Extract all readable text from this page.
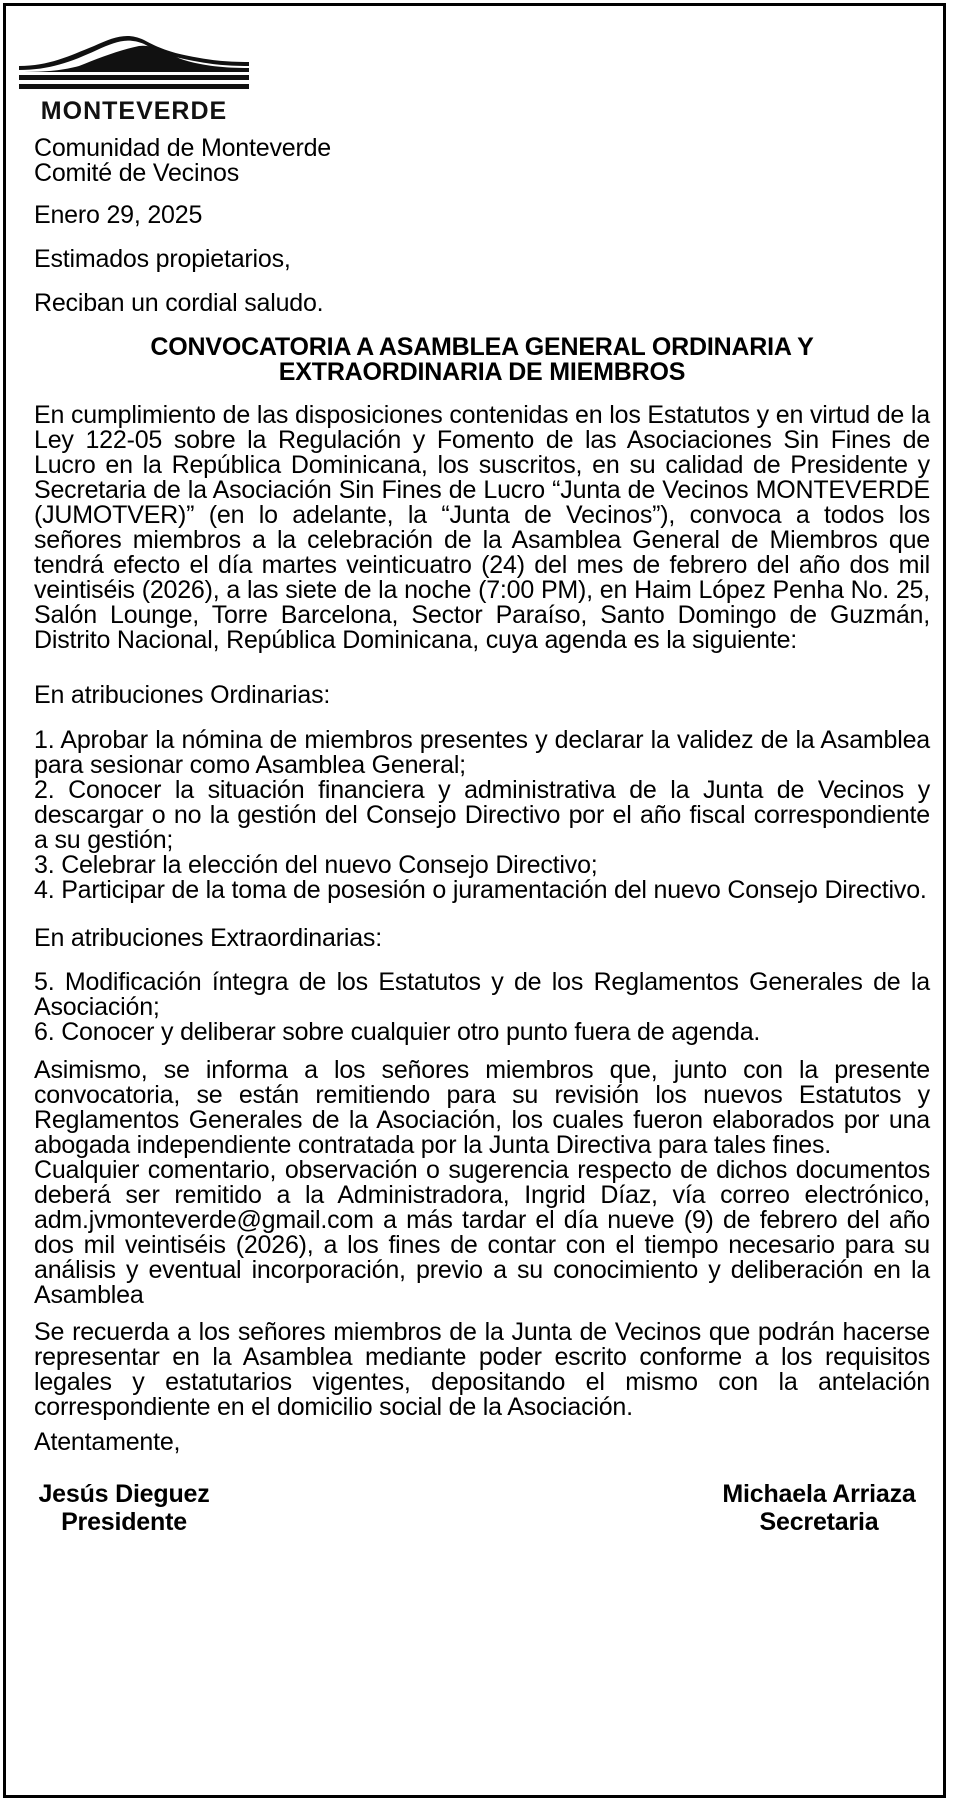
MONTEVERDE

Comunidad de Monteverde

Comité de Vecinos

Enero 29, 2025

Estimados propietarios,

Reciban un cordial saludo.

CONVOCATORIA A ASAMBLEA GENERAL ORDINARIA Y

EXTRAORDINARIA DE MIEMBROS

En cumplimiento de las disposiciones contenidas en los Estatutos y en virtud de la Ley 122-05 sobre la Regulación y Fomento de las Asociaciones Sin Fines de Lucro en la República Dominicana, los suscritos, en su calidad de Presidente y Secretaria de la Asociación Sin Fines de Lucro “Junta de Vecinos MONTEVERDE (JUMOTVER)” (en lo adelante, la “Junta de Vecinos”), convoca a todos los señores miembros a la celebración de la Asamblea General de Miembros que tendrá efecto el día martes veinticuatro (24) del mes de febrero del año dos mil veintiséis (2026), a las siete de la noche (7:00 PM), en Haim López Penha No. 25, Salón Lounge, Torre Barcelona, Sector Paraíso, Santo Domingo de Guzmán, Distrito Nacional, República Dominicana, cuya agenda es la siguiente:

En atribuciones Ordinarias:

1. Aprobar la nómina de miembros presentes y declarar la validez de la Asamblea para sesionar como Asamblea General;

2. Conocer la situación financiera y administrativa de la Junta de Vecinos y descargar o no la gestión del Consejo Directivo por el año fiscal correspondiente a su gestión;

3. Celebrar la elección del nuevo Consejo Directivo;

4. Participar de la toma de posesión o juramentación del nuevo Consejo Directivo.

En atribuciones Extraordinarias:

5. Modificación íntegra de los Estatutos y de los Reglamentos Generales de la Asociación;

6. Conocer y deliberar sobre cualquier otro punto fuera de agenda.

Asimismo, se informa a los señores miembros que, junto con la presente convocatoria, se están remitiendo para su revisión los nuevos Estatutos y Reglamentos Generales de la Asociación, los cuales fueron elaborados por una abogada independiente contratada por la Junta Directiva para tales fines.

Cualquier comentario, observación o sugerencia respecto de dichos documentos deberá ser remitido a la Administradora, Ingrid Díaz, vía correo electrónico, adm.jvmonteverde@gmail.com a más tardar el día nueve (9) de febrero del año dos mil veintiséis (2026), a los fines de contar con el tiempo necesario para su análisis y eventual incorporación, previo a su conocimiento y deliberación en la Asamblea

Se recuerda a los señores miembros de la Junta de Vecinos que podrán hacerse representar en la Asamblea mediante poder escrito conforme a los requisitos legales y estatutarios vigentes, depositando el mismo con la antelación correspondiente en el domicilio social de la Asociación.

Atentamente,

Jesús Dieguez
Presidente
Michaela Arriaza
Secretaria
